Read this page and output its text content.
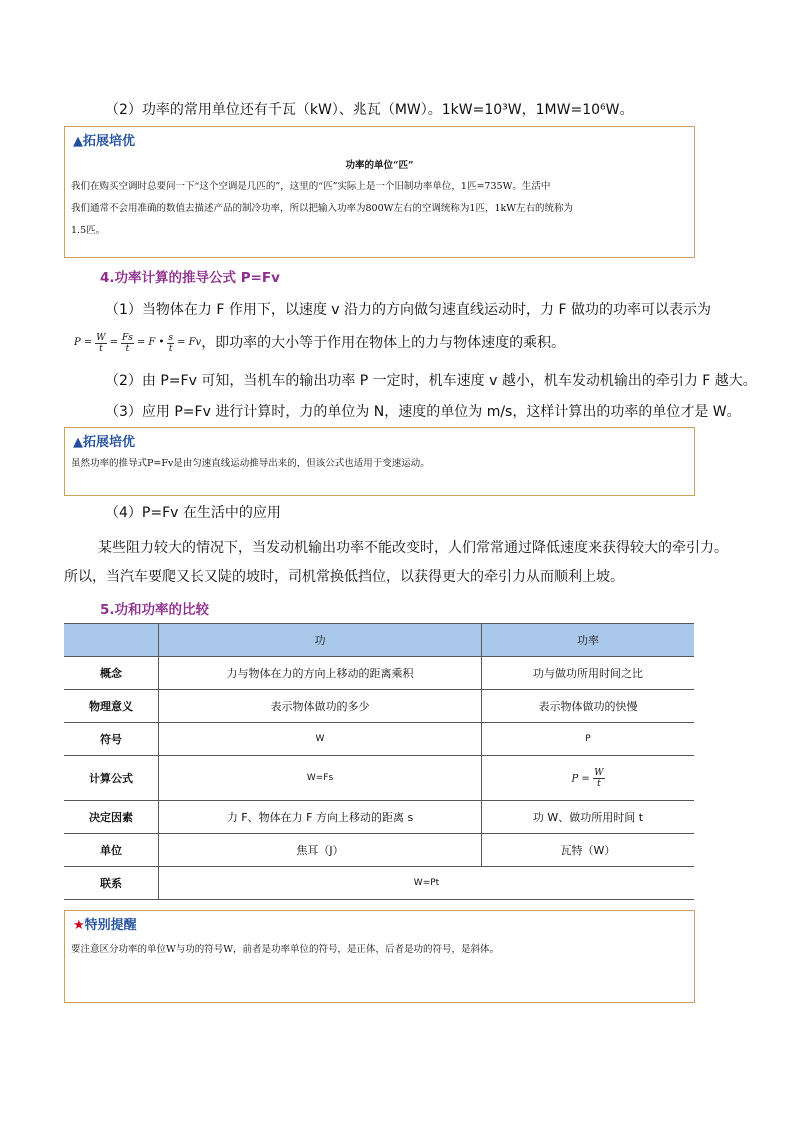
（2）功率的常用单位还有千瓦（kW）、兆瓦（MW）。1kW=10³W，1MW=10⁶W。
▲拓展培优
功率的单位“匹”
我们在购买空调时总要问一下“这个空调是几匹的”，这里的“匹”实际上是一个旧制功率单位，1匹=735W。生活中
我们通常不会用准确的数值去描述产品的制冷功率，所以把输入功率为800W左右的空调统称为1匹，1kW左右的统称为
1.5匹。
4.功率计算的推导公式 P=Fv
（1）当物体在力 F 作用下，以速度 v 沿力的方向做匀速直线运动时，力 F 做功的功率可以表示为
$P = \frac{W}{t} = \frac{Fs}{t} = F$ • $\frac{s}{t} = Fv$ ，即功率的大小等于作用在物体上的力与物体速度的乘积。
（2）由 P=Fv 可知，当机车的输出功率 P 一定时，机车速度 v 越小，机车发动机输出的牵引力 F 越大。
（3）应用 P=Fv 进行计算时，力的单位为 N，速度的单位为 m/s，这样计算出的功率的单位才是 W。
▲拓展培优
虽然功率的推导式P=Fv是由匀速直线运动推导出来的，但该公式也适用于变速运动。
（4）P=Fv 在生活中的应用
某些阻力较大的情况下，当发动机输出功率不能改变时，人们常常通过降低速度来获得较大的牵引力。
所以，当汽车要爬又长又陡的坡时，司机常换低挡位，以获得更大的牵引力从而顺利上坡。
5.功和功率的比较
	功	功率
概念	力与物体在力的方向上移动的距离乘积	功与做功所用时间之比
物理意义	表示物体做功的多少	表示物体做功的快慢
符号	W	P
计算公式	W=Fs	$P = \frac{W}{t}$

决定因素	力 F、物体在力 F 方向上移动的距离 s	功 W、做功所用时间 t
单位	焦耳（J）	瓦特（W）
联系	W=Pt	
★特别提醒
要注意区分功率的单位W与功的符号W，前者是功率单位的符号，是正体，后者是功的符号，是斜体。
